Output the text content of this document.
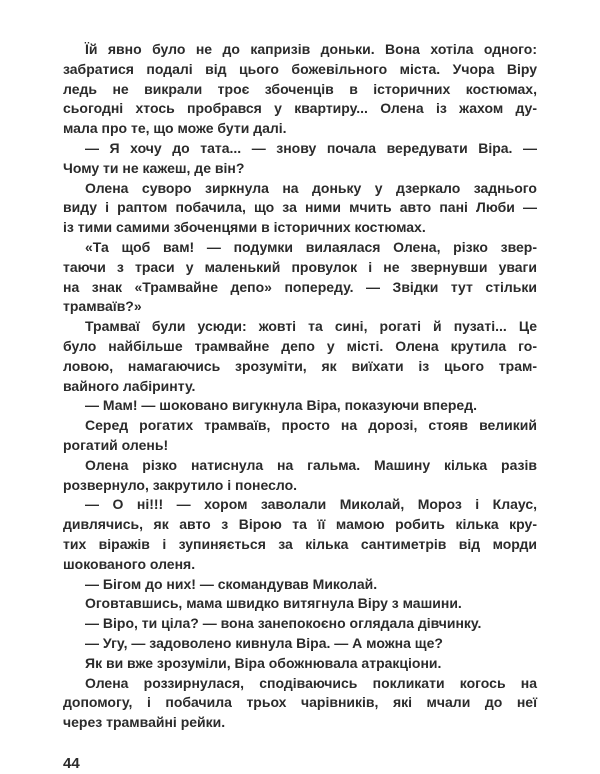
Їй явно було не до капризів доньки. Вона хотіла одного:
забратися подалі від цього божевільного міста. Учора Віру
ледь не викрали троє збоченців в історичних костюмах,
сьогодні хтось пробрався у квартиру... Олена із жахом ду-
мала про те, що може бути далі.
— Я хочу до тата... — знову почала вередувати Віра. —
Чому ти не кажеш, де він?
Олена суворо зиркнула на доньку у дзеркало заднього
виду і раптом побачила, що за ними мчить авто пані Люби —
із тими самими збоченцями в історичних костюмах.
«Та щоб вам! — подумки вилаялася Олена, різко звер-
таючи з траси у маленький провулок і не звернувши уваги
на знак «Трамвайне депо» попереду. — Звідки тут стільки
трамваїв?»
Трамваї були усюди: жовті та сині, рогаті й пузаті... Це
було найбільше трамвайне депо у місті. Олена крутила го-
ловою, намагаючись зрозуміти, як виїхати із цього трам-
вайного лабіринту.
— Мам! — шоковано вигукнула Віра, показуючи вперед.
Серед рогатих трамваїв, просто на дорозі, стояв великий
рогатий олень!
Олена різко натиснула на гальма. Машину кілька разів
розвернуло, закрутило і понесло.
— О ні!!! — хором заволали Миколай, Мороз і Клаус,
дивлячись, як авто з Вірою та її мамою робить кілька кру-
тих віражів і зупиняється за кілька сантиметрів від морди
шокованого оленя.
— Бігом до них! — скомандував Миколай.
Оговтавшись, мама швидко витягнула Віру з машини.
— Віро, ти ціла? — вона занепокоєно оглядала дівчинку.
— Угу, — задоволено кивнула Віра. — А можна ще?
Як ви вже зрозуміли, Віра обожнювала атракціони.
Олена роззирнулася, сподіваючись покликати когось на
допомогу, і побачила трьох чарівників, які мчали до неї
через трамвайні рейки.
44
